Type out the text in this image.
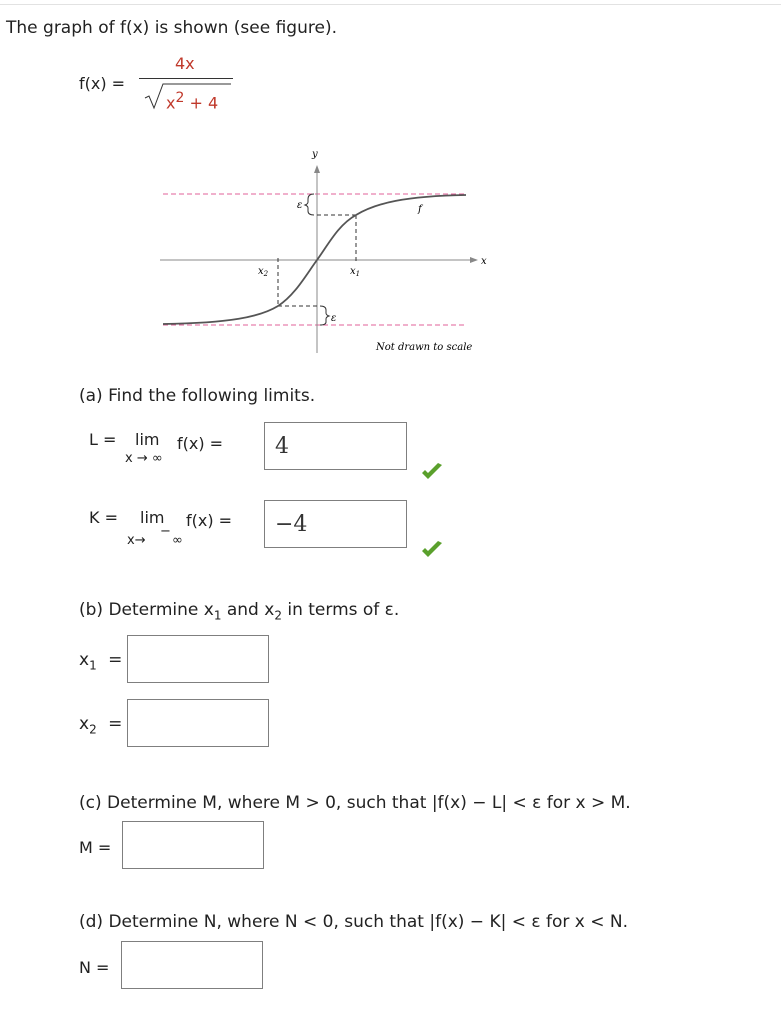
The graph of f(x) is shown (see figure).
f(x) =
4x
$x^2 + 4$
y
x
f
ε
ε
$x_1$
$x_2$
Not drawn to scale
(a) Find the following limits.
L = lim
x → ∞
f(x) =	4
K = lim
x→
−
∞
f(x) =	−4
(b) Determine $x_1$ and $x_2$ in terms of ε.
$x_1$ =
$x_2$ =
(c) Determine M, where M > 0, such that |f(x) − L| < ε for x > M.
M =
(d) Determine N, where N < 0, such that |f(x) − K| < ε for x < N.
N =
